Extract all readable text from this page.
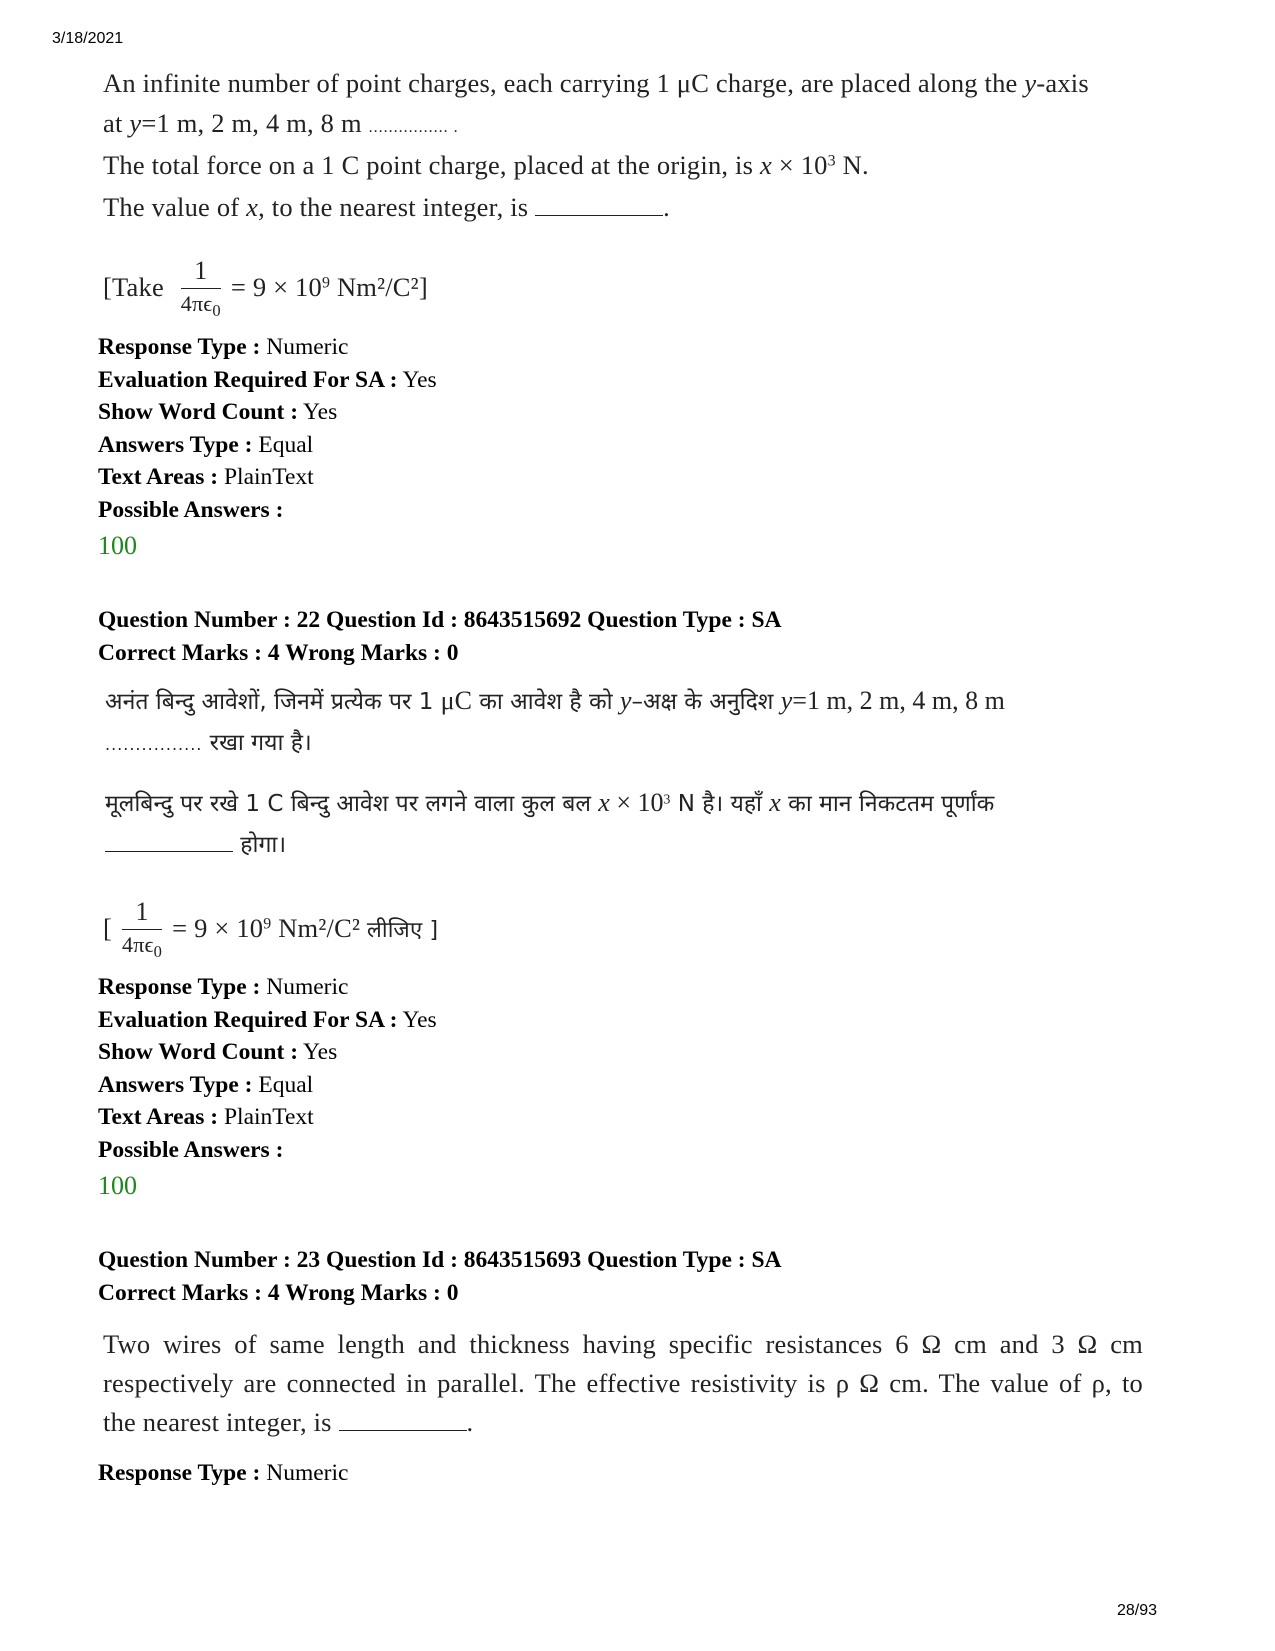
3/18/2021
An infinite number of point charges, each carrying 1 μC charge, are placed along the y-axis
at y=1 m, 2 m, 4 m, 8 m ................ .
The total force on a 1 C point charge, placed at the origin, is $x \times 10^3$ N.
The value of x, to the nearest integer, is	.
[Take $\frac{1}{4\pi\epsilon_0} = 9 \times 10^9$ Nm²/C²]
Response Type : Numeric
Evaluation Required For SA : Yes
Show Word Count : Yes
Answers Type : Equal
Text Areas : PlainText
Possible Answers :
100
Question Number : 22 Question Id : 8643515692 Question Type : SA
Correct Marks : 4 Wrong Marks : 0
अनंत बिन्दु आवेशों, जिनमें प्रत्येक पर 1 μC का आवेश है को y–अक्ष के अनुदिश y=1 m, 2 m, 4 m, 8 m
................ रखा गया है।
मूलबिन्दु पर रखे 1 C बिन्दु आवेश पर लगने वाला कुल बल $x \times 10^3$ N है। यहाँ x का मान निकटतम पूर्णांक
होगा।
[ $\frac{1}{4\pi\epsilon_0} = 9 \times 10^9$ Nm²/C² लीजिए ]
Response Type : Numeric
Evaluation Required For SA : Yes
Show Word Count : Yes
Answers Type : Equal
Text Areas : PlainText
Possible Answers :
100
Question Number : 23 Question Id : 8643515693 Question Type : SA
Correct Marks : 4 Wrong Marks : 0
Two wires of same length and thickness having specific resistances 6 Ω cm and 3 Ω cm
respectively are connected in parallel. The effective resistivity is ρ Ω cm. The value of ρ, to
the nearest integer, is	.
Response Type : Numeric
28/93
